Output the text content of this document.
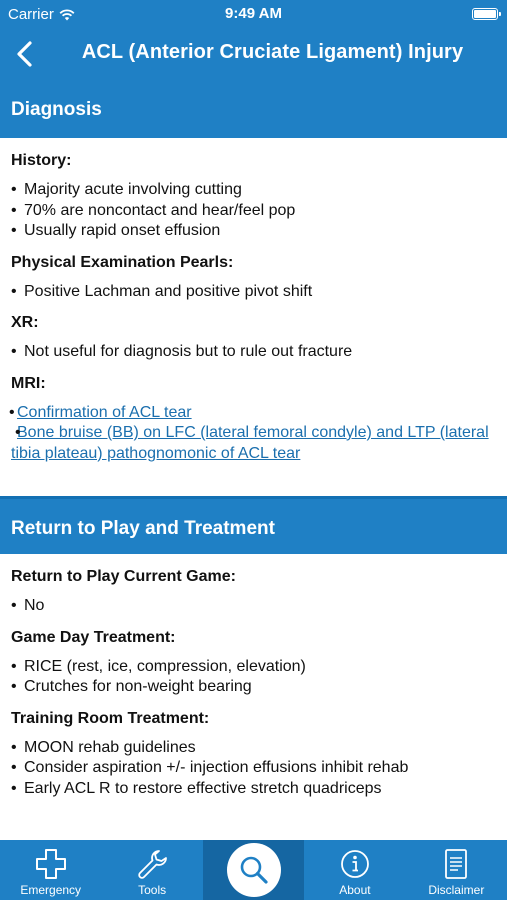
Carrier	9:49 AM
ACL (Anterior Cruciate Ligament) Injury
Diagnosis
History:
• Majority acute involving cutting
• 70% are noncontact and hear/feel pop
• Usually rapid onset effusion
Physical Examination Pearls:
• Positive Lachman and positive pivot shift
XR:
• Not useful for diagnosis but to rule out fracture
MRI:
• Confirmation of ACL tear
• Bone bruise (BB) on LFC (lateral femoral condyle) and LTP (lateral tibia plateau) pathognomonic of ACL tear
Return to Play and Treatment
Return to Play Current Game:
• No
Game Day Treatment:
• RICE (rest, ice, compression, elevation)
• Crutches for non-weight bearing
Training Room Treatment:
• MOON rehab guidelines
• Consider aspiration +/- injection effusions inhibit rehab
• Early ACL R to restore effective stretch quadriceps
Emergency	Tools	About	Disclaimer
